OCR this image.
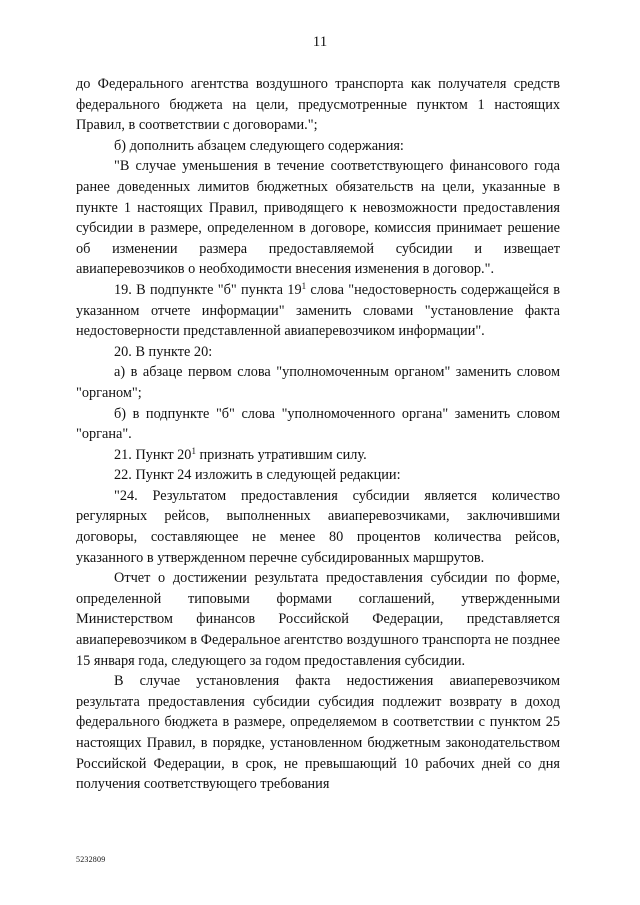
11

до Федерального агентства воздушного транспорта как получателя средств федерального бюджета на цели, предусмотренные пунктом 1 настоящих Правил, в соответствии с договорами.";

б) дополнить абзацем следующего содержания:

"В случае уменьшения в течение соответствующего финансового года ранее доведенных лимитов бюджетных обязательств на цели, указанные в пункте 1 настоящих Правил, приводящего к невозможности предоставления субсидии в размере, определенном в договоре, комиссия принимает решение об изменении размера предоставляемой субсидии и извещает авиаперевозчиков о необходимости внесения изменения в договор.".

19. В подпункте "б" пункта $19^1$ слова "недостоверность содержащейся в указанном отчете информации" заменить словами "установление факта недостоверности представленной авиаперевозчиком информации".

20. В пункте 20:

а) в абзаце первом слова "уполномоченным органом" заменить словом "органом";

б) в подпункте "б" слова "уполномоченного органа" заменить словом "органа".

21. Пункт $20^1$ признать утратившим силу.

22. Пункт 24 изложить в следующей редакции:

"24. Результатом предоставления субсидии является количество регулярных рейсов, выполненных авиаперевозчиками, заключившими договоры, составляющее не менее 80 процентов количества рейсов, указанного в утвержденном перечне субсидированных маршрутов.

Отчет о достижении результата предоставления субсидии по форме, определенной типовыми формами соглашений, утвержденными Министерством финансов Российской Федерации, представляется авиаперевозчиком в Федеральное агентство воздушного транспорта не позднее 15 января года, следующего за годом предоставления субсидии.

В случае установления факта недостижения авиаперевозчиком результата предоставления субсидии субсидия подлежит возврату в доход федерального бюджета в размере, определяемом в соответствии с пунктом 25 настоящих Правил, в порядке, установленном бюджетным законодательством Российской Федерации, в срок, не превышающий 10 рабочих дней со дня получения соответствующего требования

5232809
